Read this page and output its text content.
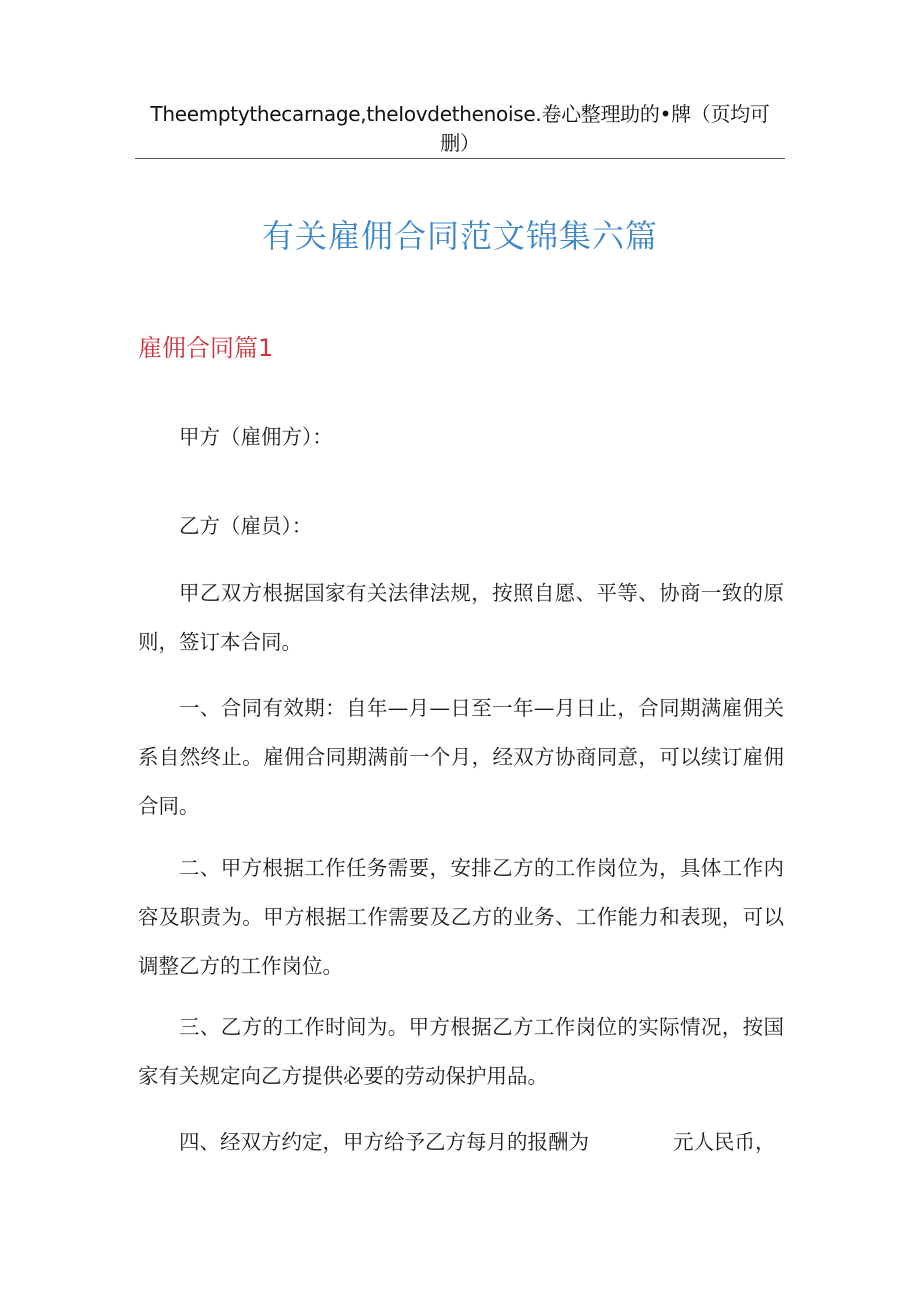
Theemptythecarnage,theIovdethenoise.卷心整理助的•牌（页均可
删）
有关雇佣合同范文锦集六篇
雇佣合同篇1

甲方（雇佣方）：

乙方（雇员）：

甲乙双方根据国家有关法律法规，按照自愿、平等、协商一致的原则，签订本合同。

一、合同有效期：自年—月—日至一年—月日止，合同期满雇佣关系自然终止。雇佣合同期满前一个月，经双方协商同意，可以续订雇佣合同。

二、甲方根据工作任务需要，安排乙方的工作岗位为，具体工作内容及职责为。甲方根据工作需要及乙方的业务、工作能力和表现，可以调整乙方的工作岗位。

三、乙方的工作时间为。甲方根据乙方工作岗位的实际情况，按国家有关规定向乙方提供必要的劳动保护用品。

四、经双方约定，甲方给予乙方每月的报酬为	元人民币，
